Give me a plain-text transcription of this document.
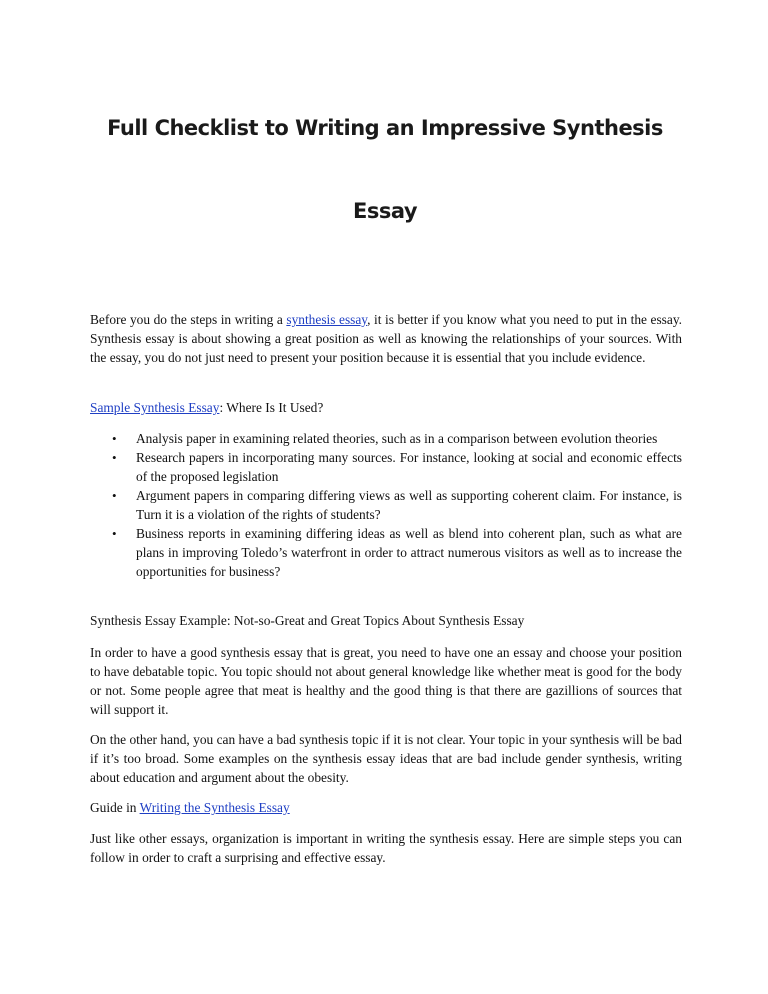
Full Checklist to Writing an Impressive Synthesis
Essay

Before you do the steps in writing a synthesis essay, it is better if you know what you need to put in the essay. Synthesis essay is about showing a great position as well as knowing the relationships of your sources. With the essay, you do not just need to present your position because it is essential that you include evidence.

Sample Synthesis Essay: Where Is It Used?

• Analysis paper in examining related theories, such as in a comparison between evolution theories
• Research papers in incorporating many sources. For instance, looking at social and economic effects of the proposed legislation
• Argument papers in comparing differing views as well as supporting coherent claim. For instance, is Turn it is a violation of the rights of students?
• Business reports in examining differing ideas as well as blend into coherent plan, such as what are plans in improving Toledo’s waterfront in order to attract numerous visitors as well as to increase the opportunities for business?

Synthesis Essay Example: Not-so-Great and Great Topics About Synthesis Essay

In order to have a good synthesis essay that is great, you need to have one an essay and choose your position to have debatable topic. You topic should not about general knowledge like whether meat is good for the body or not. Some people agree that meat is healthy and the good thing is that there are gazillions of sources that will support it.

On the other hand, you can have a bad synthesis topic if it is not clear. Your topic in your synthesis will be bad if it’s too broad. Some examples on the synthesis essay ideas that are bad include gender synthesis, writing about education and argument about the obesity.

Guide in Writing the Synthesis Essay

Just like other essays, organization is important in writing the synthesis essay. Here are simple steps you can follow in order to craft a surprising and effective essay.
